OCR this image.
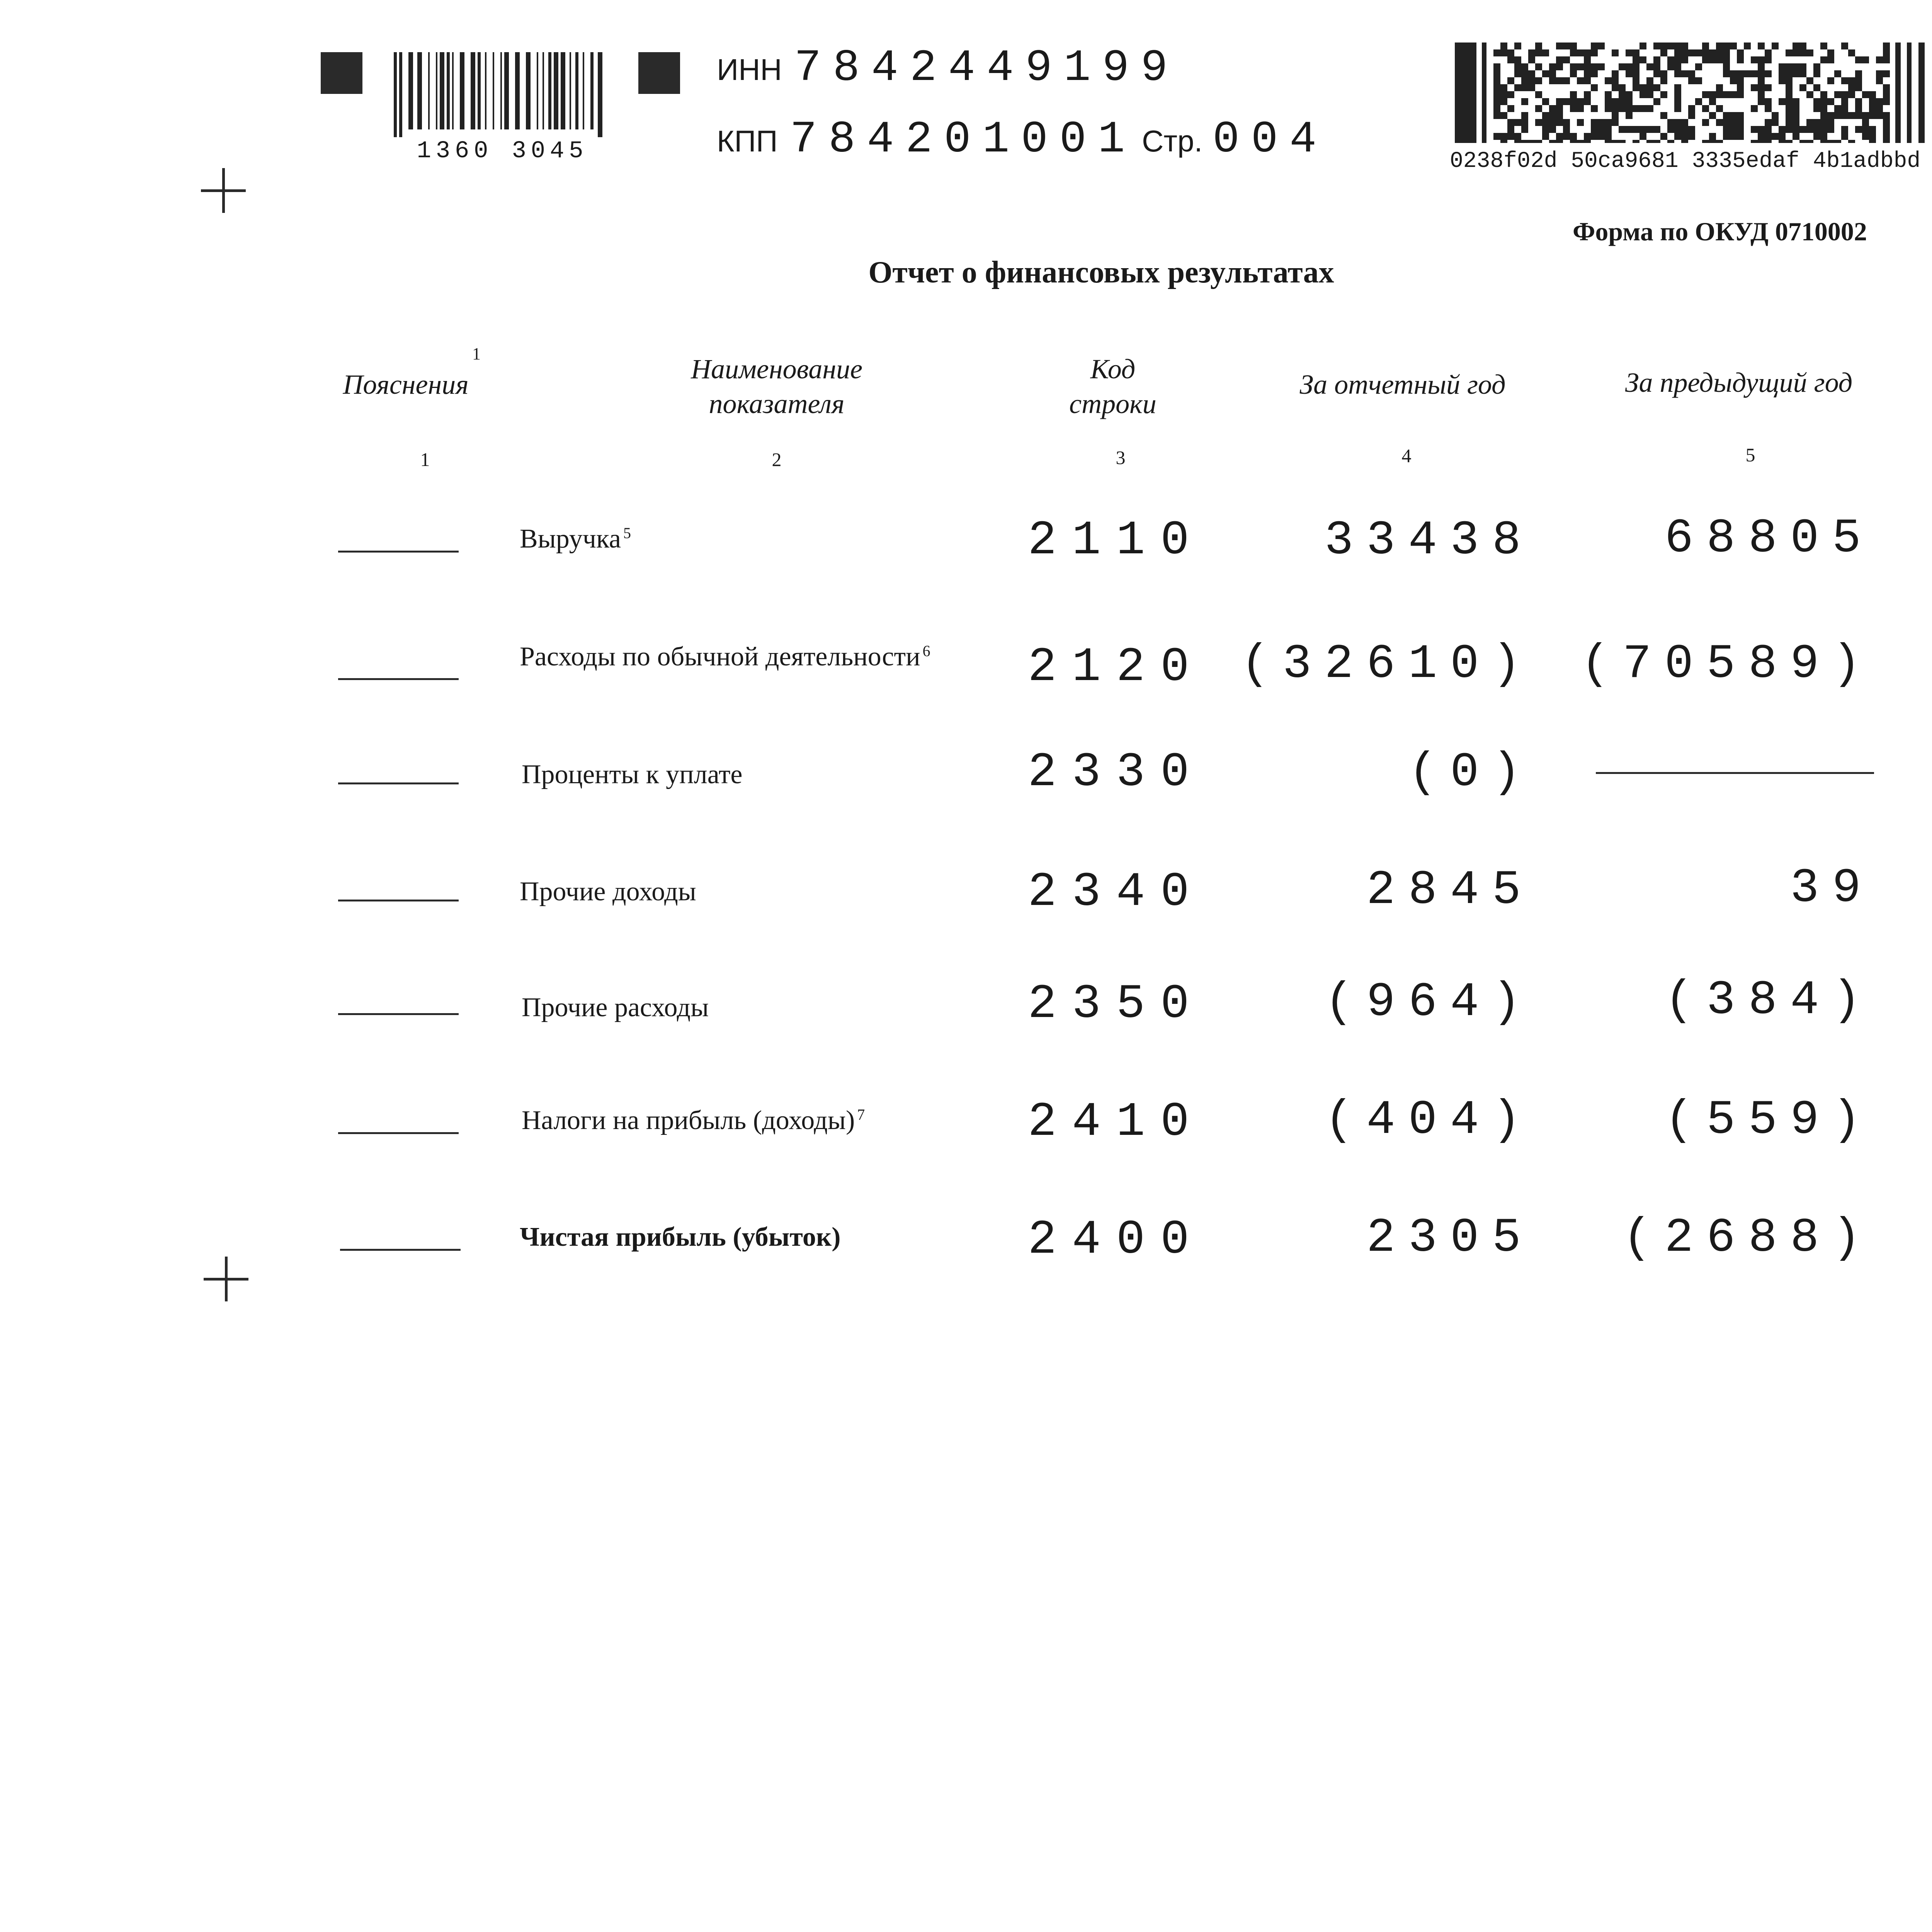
1360 3045
ИНН 7842449199
КПП 784201001 Стр. 004	0238f02d 50ca9681 3335edaf 4b1adbbd
Форма по ОКУД 0710002
Отчет о финансовых результатах
Пояснения
1	Наименование показателя
Код строки
За отчетный год	За предыдущий год
1	2	3	4	5
Выручка $^5$	2110	33438	68805
Расходы по обычной деятельности $^6$ 2120 (32610) (70589)
Проценты к уплате	2330	(0)
Прочие доходы	2340	2845	39
Прочие расходы	2350	(964)	(384)
Налоги на прибыль (доходы) $^7$	2410	(404)	(559)
Чистая прибыль (убыток)	2400	2305 (2688)
